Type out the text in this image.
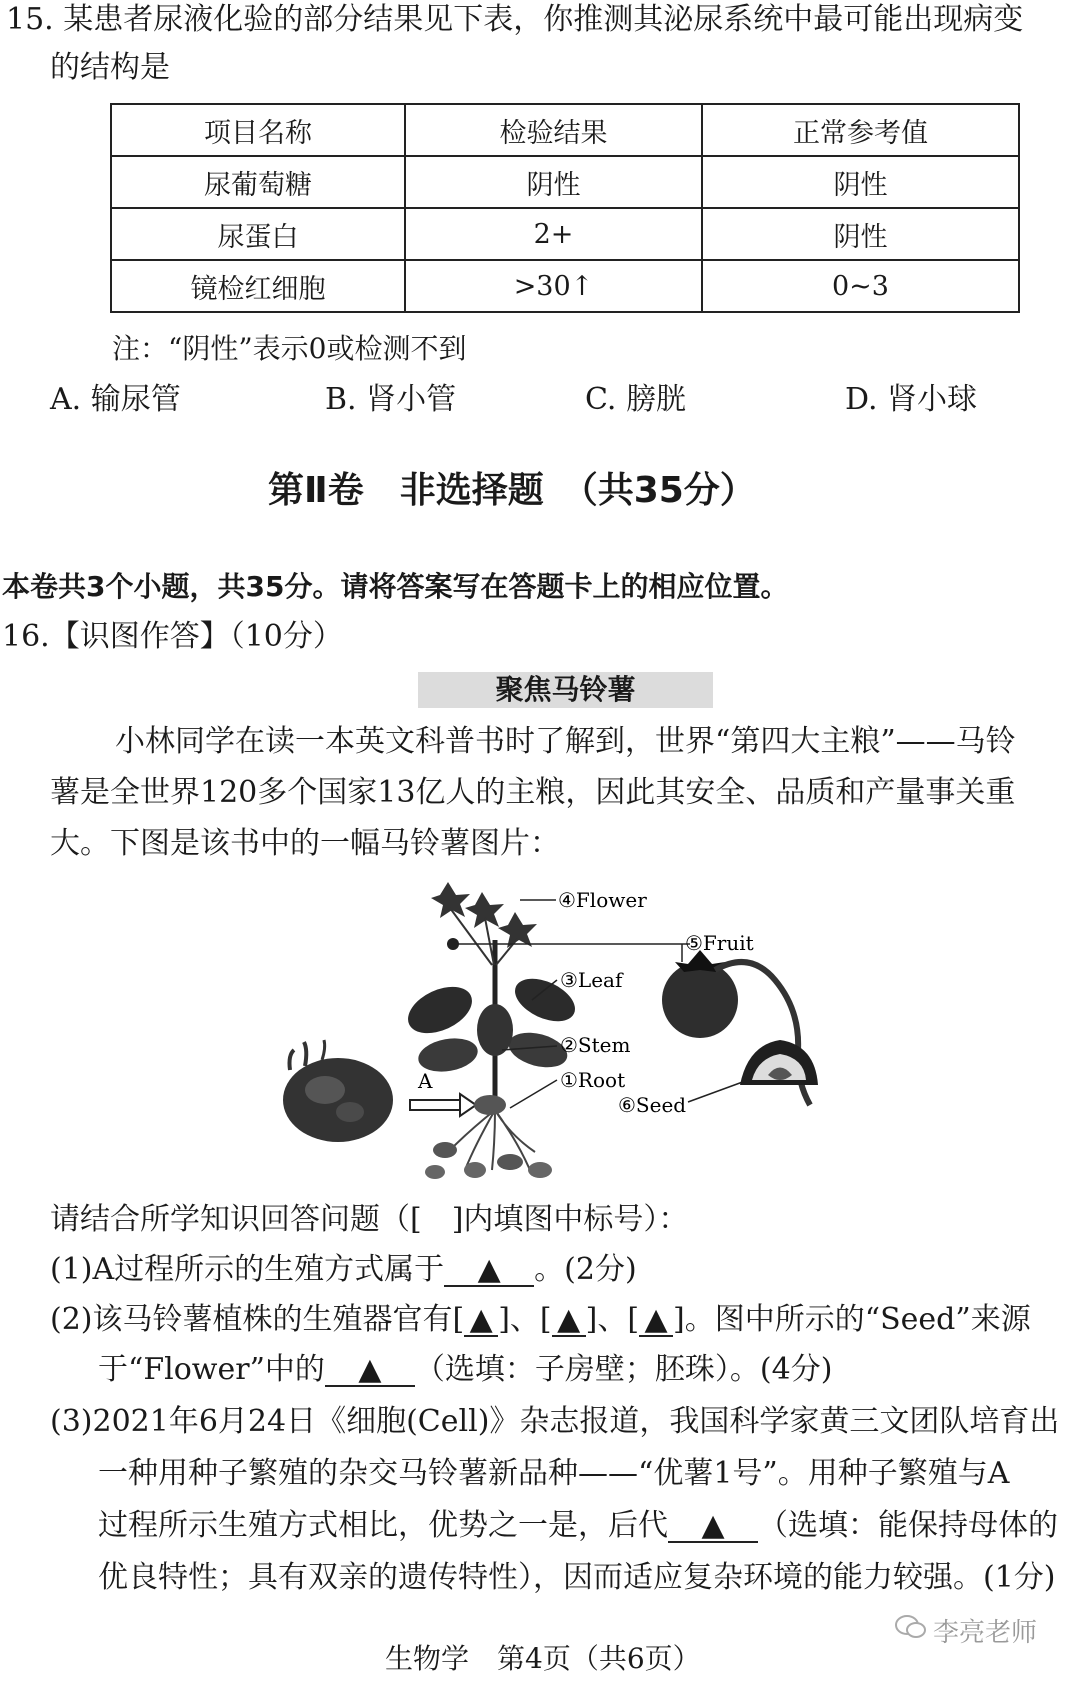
15. 某患者尿液化验的部分结果见下表，你推测其泌尿系统中最可能出现病变
的结构是
项目名称	检验结果	正常参考值
尿葡萄糖	阴性	阴性
尿蛋白	2+	阴性
镜检红细胞	>30↑	0~3
注：“阴性”表示0或检测不到
A. 输尿管	B. 肾小管	C. 膀胱	D. 肾小球
第Ⅱ卷　非选择题　（共35分）
本卷共3个小题，共35分。请将答案写在答题卡上的相应位置。
16.【识图作答】（10分）
聚焦马铃薯
小林同学在读一本英文科普书时了解到，世界“第四大主粮”——马铃
薯是全世界120多个国家13亿人的主粮，因此其安全、品质和产量事关重
大。下图是该书中的一幅马铃薯图片：
A
④Flower
⑤Fruit
③Leaf
②Stem
①Root
⑥Seed
请结合所学知识回答问题（[　]内填图中标号）：
(1)A过程所示的生殖方式属于 ▲ 。(2分)
(2)该马铃薯植株的生殖器官有[ ▲ ]、[ ▲ ]、[ ▲ ]。图中所示的“Seed”来源
于“Flower”中的 ▲ （选填：子房壁；胚珠）。(4分)
(3)2021年6月24日《细胞(Cell)》杂志报道，我国科学家黄三文团队培育出
一种用种子繁殖的杂交马铃薯新品种——“优薯1号”。用种子繁殖与A
过程所示生殖方式相比，优势之一是，后代 ▲ （选填：能保持母体的
优良特性；具有双亲的遗传特性），因而适应复杂环境的能力较强。(1分)
生物学　第4页（共6页）
李亮老师
